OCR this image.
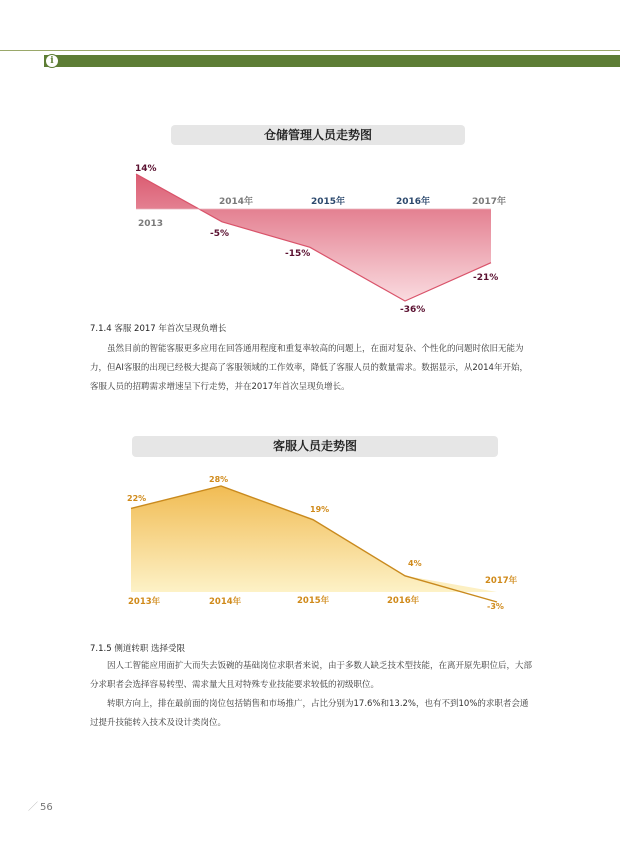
i
仓储管理人员走势图
14%
-5%
-15%
-36%
-21%
2013
2014年	2015年	2016年	2017年
7.1.4 客服 2017 年首次呈现负增长

虽然目前的智能客服更多应用在回答通用程度和重复率较高的问题上，在面对复杂、个性化的问题时依旧无能为力，但AI客服的出现已经极大提高了客服领域的工作效率，降低了客服人员的数量需求。数据显示，从2014年开始，客服人员的招聘需求增速呈下行走势，并在2017年首次呈现负增长。

客服人员走势图
22%
28%
19%
4%
-3%
2013年	2014年	2015年	2016年
2017年
7.1.5 侧道转职 选择受限

因人工智能应用面扩大而失去饭碗的基础岗位求职者来说，由于多数人缺乏技术型技能，在离开原先职位后，大部分求职者会选择容易转型、需求量大且对特殊专业技能要求较低的初级职位。

转职方向上，排在最前面的岗位包括销售和市场推广，占比分别为17.6%和13.2%，也有不到10%的求职者会通过提升技能转入技术及设计类岗位。

／ 56
